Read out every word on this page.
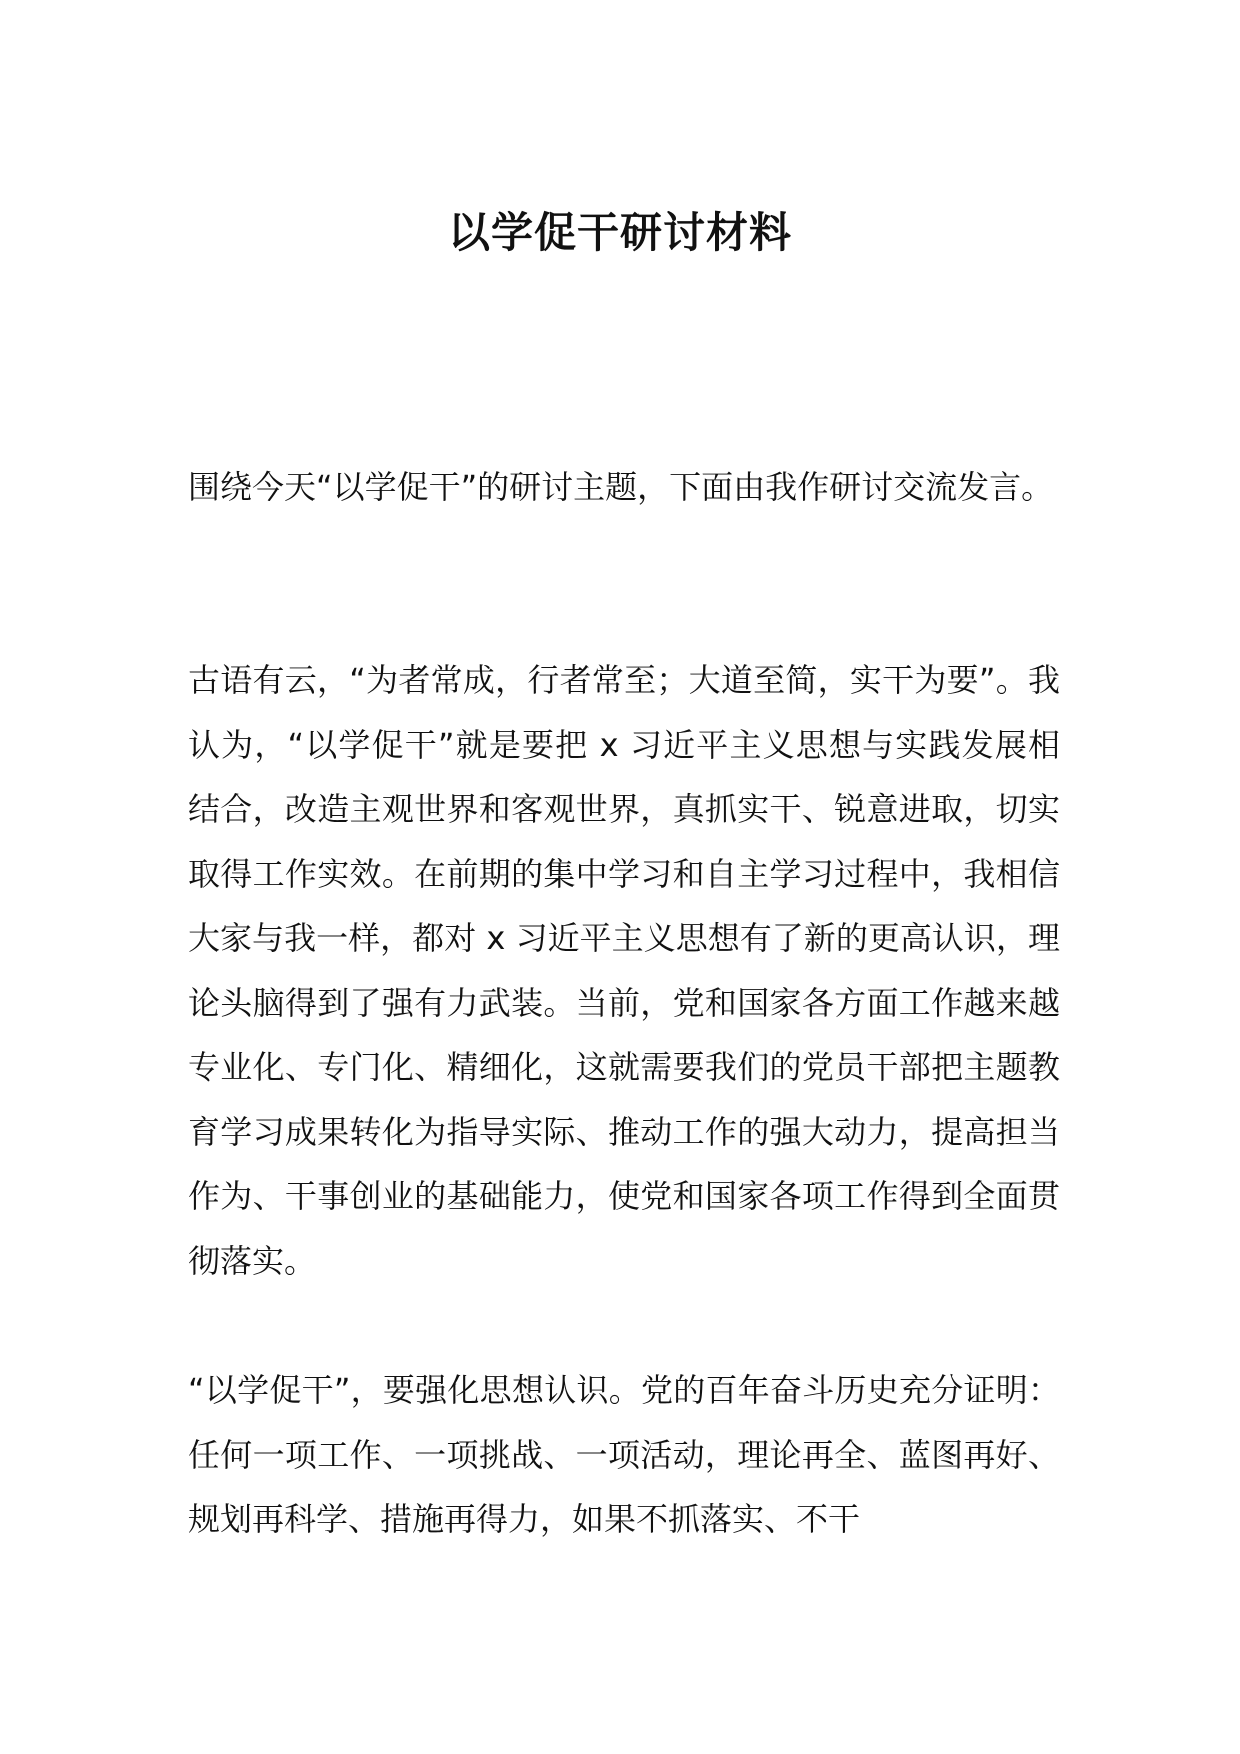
以学促干研讨材料

围绕今天“以学促干”的研讨主题，下面由我作研讨交流发言。

古语有云，“为者常成，行者常至；大道至简，实干为要”。我认为，“以学促干”就是要把 x 习近平主义思想与实践发展相结合，改造主观世界和客观世界，真抓实干、锐意进取，切实取得工作实效。在前期的集中学习和自主学习过程中，我相信大家与我一样，都对 x 习近平主义思想有了新的更高认识，理论头脑得到了强有力武装。当前，党和国家各方面工作越来越专业化、专门化、精细化，这就需要我们的党员干部把主题教育学习成果转化为指导实际、推动工作的强大动力，提高担当作为、干事创业的基础能力，使党和国家各项工作得到全面贯彻落实。

“以学促干”，要强化思想认识。党的百年奋斗历史充分证明：任何一项工作、一项挑战、一项活动，理论再全、蓝图再好、规划再科学、措施再得力，如果不抓落实、不干
